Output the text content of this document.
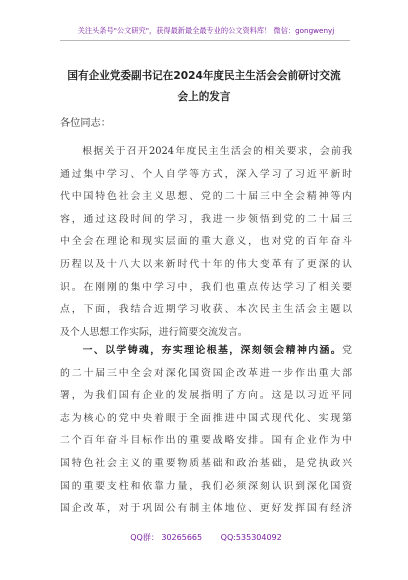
关注头条号"公文研究"，获得最新最全最专业的公文资料库！ 微信：gongwenyj
国有企业党委副书记在2024年度民主生活会会前研讨交流
会上的发言
各位同志：
　　根据关于召开2024年度民主生活会的相关要求，会前我
通过集中学习、个人自学等方式，深入学习了习近平新时
代中国特色社会主义思想、党的二十届三中全会精神等内
容，通过这段时间的学习，我进一步领悟到党的二十届三
中全会在理论和现实层面的重大意义，也对党的百年奋斗
历程以及十八大以来新时代十年的伟大变革有了更深的认
识。在刚刚的集中学习中，我们也重点传达学习了相关要
点，下面，我结合近期学习收获、本次民主生活会主题以
及个人思想工作实际，进行简要交流发言。
　　一、以学铸魂，夯实理论根基，深刻领会精神内涵。党
的二十届三中全会对深化国资国企改革进一步作出重大部
署，为我们国有企业的发展指明了方向。这是以习近平同
志为核心的党中央着眼于全面推进中国式现代化、实现第
二个百年奋斗目标作出的重要战略安排。国有企业作为中
国特色社会主义的重要物质基础和政治基础，是党执政兴
国的重要支柱和依靠力量，我们必须深刻认识到深化国资
国企改革，对于巩固公有制主体地位、更好发挥国有经济
QQ群： 30265665 QQ:535304092
